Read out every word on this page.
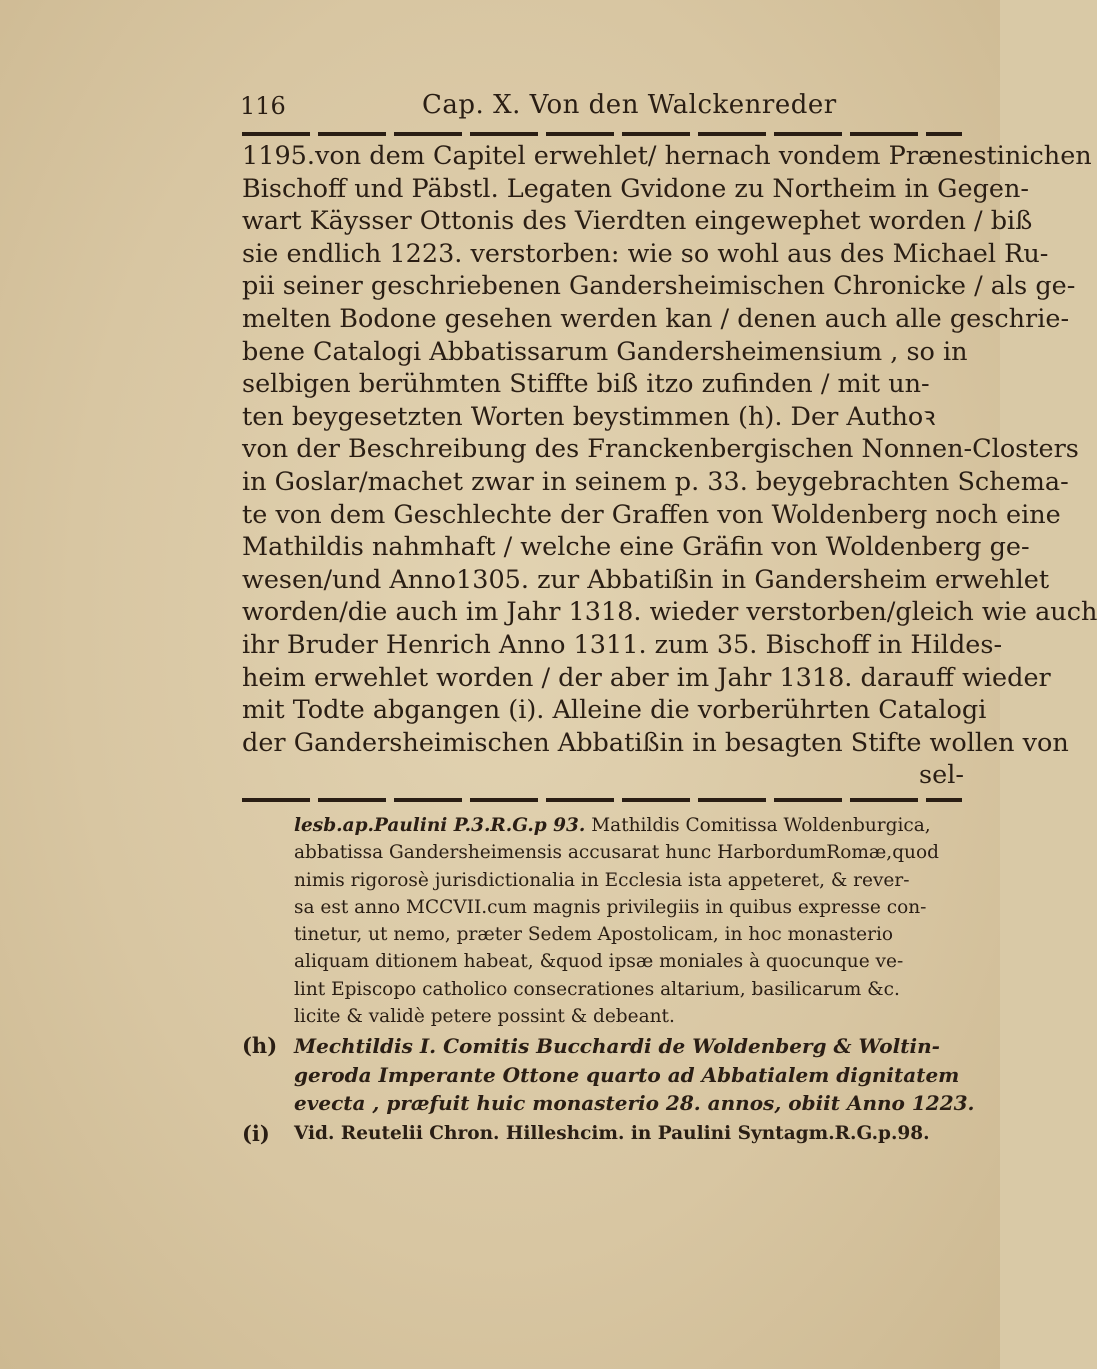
116	Cap. X. Von den Walckenreder
1195.von dem Capitel erwehlet/ hernach vondem Prænestinichen
Bischoff und Päbstl. Legaten Gvidone zu Northeim in Gegen-
wart Käysser Ottonis des Vierdten eingewephet worden / biß
sie endlich 1223. verstorben: wie so wohl aus des Michael Ru-
pii seiner geschriebenen Gandersheimischen Chronicke / als ge-
melten Bodone gesehen werden kan / denen auch alle geschrie-
bene Catalogi Abbatissarum Gandersheimensium , so in
selbigen berühmten Stiffte biß itzo zufinden / mit un-
ten beygesetzten Worten beystimmen (h). Der Authoꝛ
von der Beschreibung des Franckenbergischen Nonnen-Closters
in Goslar/machet zwar in seinem p. 33. beygebrachten Schema-
te von dem Geschlechte der Graffen von Woldenberg noch eine
Mathildis nahmhaft / welche eine Gräfin von Woldenberg ge-
wesen/und Anno1305. zur Abbatißin in Gandersheim erwehlet
worden/die auch im Jahr 1318. wieder verstorben/gleich wie auch
ihr Bruder Henrich Anno 1311. zum 35. Bischoff in Hildes-
heim erwehlet worden / der aber im Jahr 1318. darauff wieder
mit Todte abgangen (i). Alleine die vorberührten Catalogi
der Gandersheimischen Abbatißin in besagten Stifte wollen von
sel-
lesb.ap.Paulini P.3.R.G.p 93. Mathildis Comitissa Woldenburgica,
abbatissa Gandersheimensis accusarat hunc HarbordumRomæ,quod
nimis rigorosè jurisdictionalia in Ecclesia ista appeteret, & rever-
sa est anno MCCVII.cum magnis privilegiis in quibus expresse con-
tinetur, ut nemo, præter Sedem Apostolicam, in hoc monasterio
aliquam ditionem habeat, &quod ipsæ moniales à quocunque ve-
lint Episcopo catholico consecrationes altarium, basilicarum &c.
licite & validè petere possint & debeant.
(h) Mechtildis I. Comitis Bucchardi de Woldenberg & Woltin-
geroda Imperante Ottone quarto ad Abbatialem dignitatem
evecta , præfuit huic monasterio 28. annos, obiit Anno 1223.
(i) Vid. Reutelii Chron. Hilleshcim. in Paulini Syntagm.R.G.p.98.
